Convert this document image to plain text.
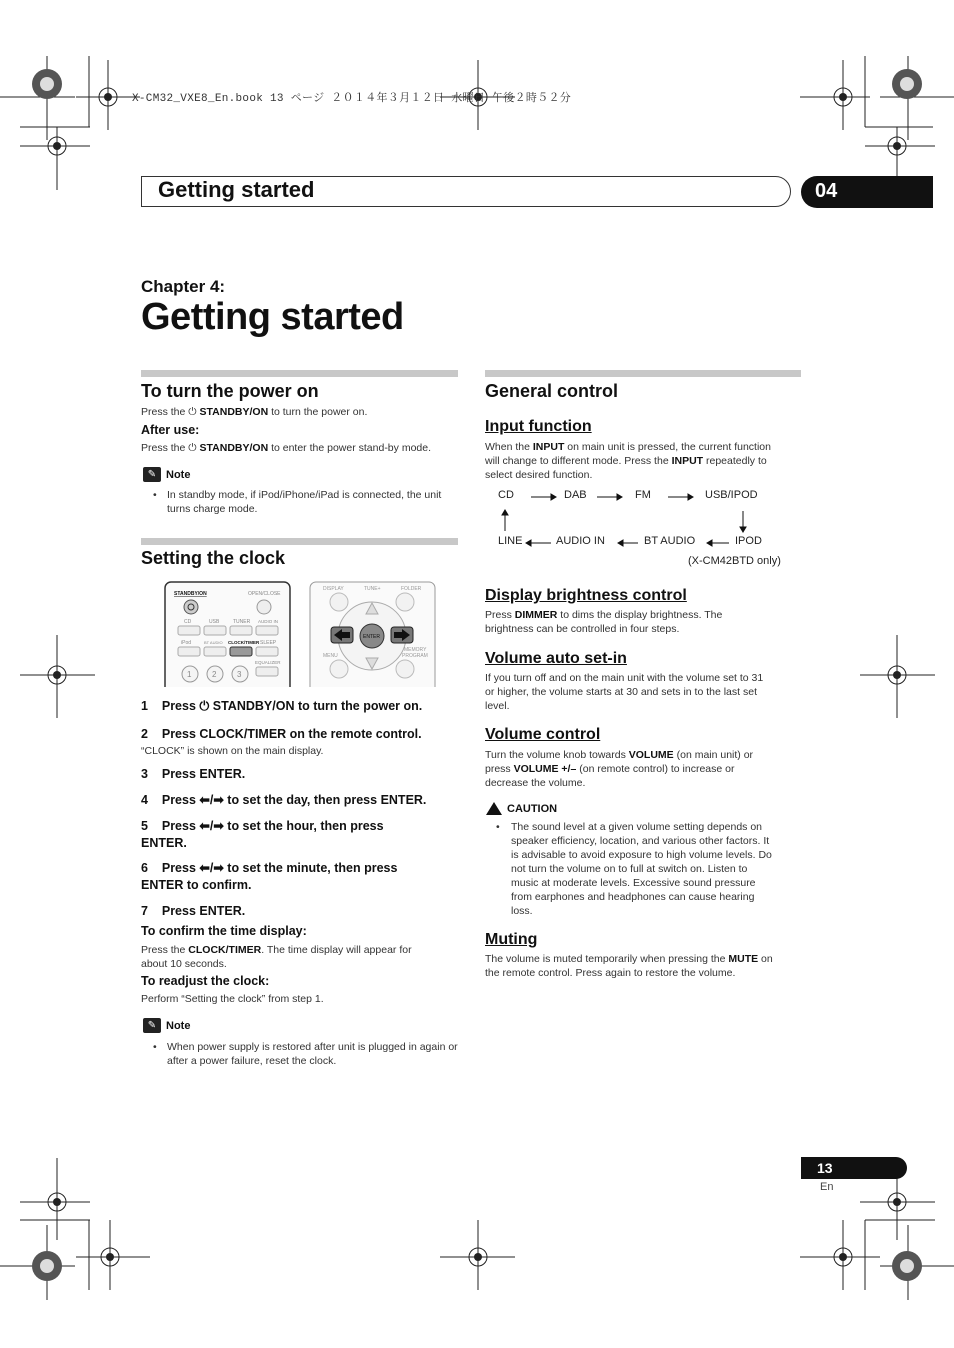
X-CM32_VXE8_En.book 13 ページ ２０１４年３月１２日 水曜日 午後２時５２分
Getting started	04
Chapter 4:
Getting started
To turn the power on
Press the ⏻ STANDBY/ON to turn the power on.
After use:
Press the ⏻ STANDBY/ON to enter the power stand-by mode.
✎ Note
• In standby mode, if iPod/iPhone/iPad is connected, the unit turns charge mode.
Setting the clock
STANDBY/ON	OPEN/CLOSE
CD	USB	TUNER AUDIO IN
iPod	BT AUDIO CLOCK/TIMER SLEEP
EQUALIZER
1	2	3
DISPLAY	TUNE+	FOLDER
ENTER
MENU
MEMORY
PROGRAM
1 Press ⏻ STANDBY/ON to turn the power on.
2 Press CLOCK/TIMER on the remote control.
“CLOCK” is shown on the main display.
3 Press ENTER.
4 Press ⬅/➡ to set the day, then press ENTER.
5 Press ⬅/➡ to set the hour, then press
ENTER.
6 Press ⬅/➡ to set the minute, then press
ENTER to confirm.
7 Press ENTER.
To confirm the time display:
Press the CLOCK/TIMER. The time display will appear for
about 10 seconds.
To readjust the clock:
Perform “Setting the clock” from step 1.
✎ Note
• When power supply is restored after unit is plugged in again or after a power failure, reset the clock.
General control
Input function
When the INPUT on main unit is pressed, the current function
will change to different mode. Press the INPUT repeatedly to
select desired function.
CD	DAB	FM	USB/IPOD
LINE	AUDIO IN	BT AUDIO	IPOD
(X-CM42BTD only)
Display brightness control
Press DIMMER to dims the display brightness. The
brightness can be controlled in four steps.
Volume auto set-in
If you turn off and on the main unit with the volume set to 31
or higher, the volume starts at 30 and sets in to the last set
level.
Volume control
Turn the volume knob towards VOLUME (on main unit) or
press VOLUME +/– (on remote control) to increase or
decrease the volume.
CAUTION
• The sound level at a given volume setting depends on
speaker efficiency, location, and various other factors. It
is advisable to avoid exposure to high volume levels. Do
not turn the volume on to full at switch on. Listen to
music at moderate levels. Excessive sound pressure
from earphones and headphones can cause hearing
loss.
Muting
The volume is muted temporarily when pressing the MUTE on
the remote control. Press again to restore the volume.
13
En
